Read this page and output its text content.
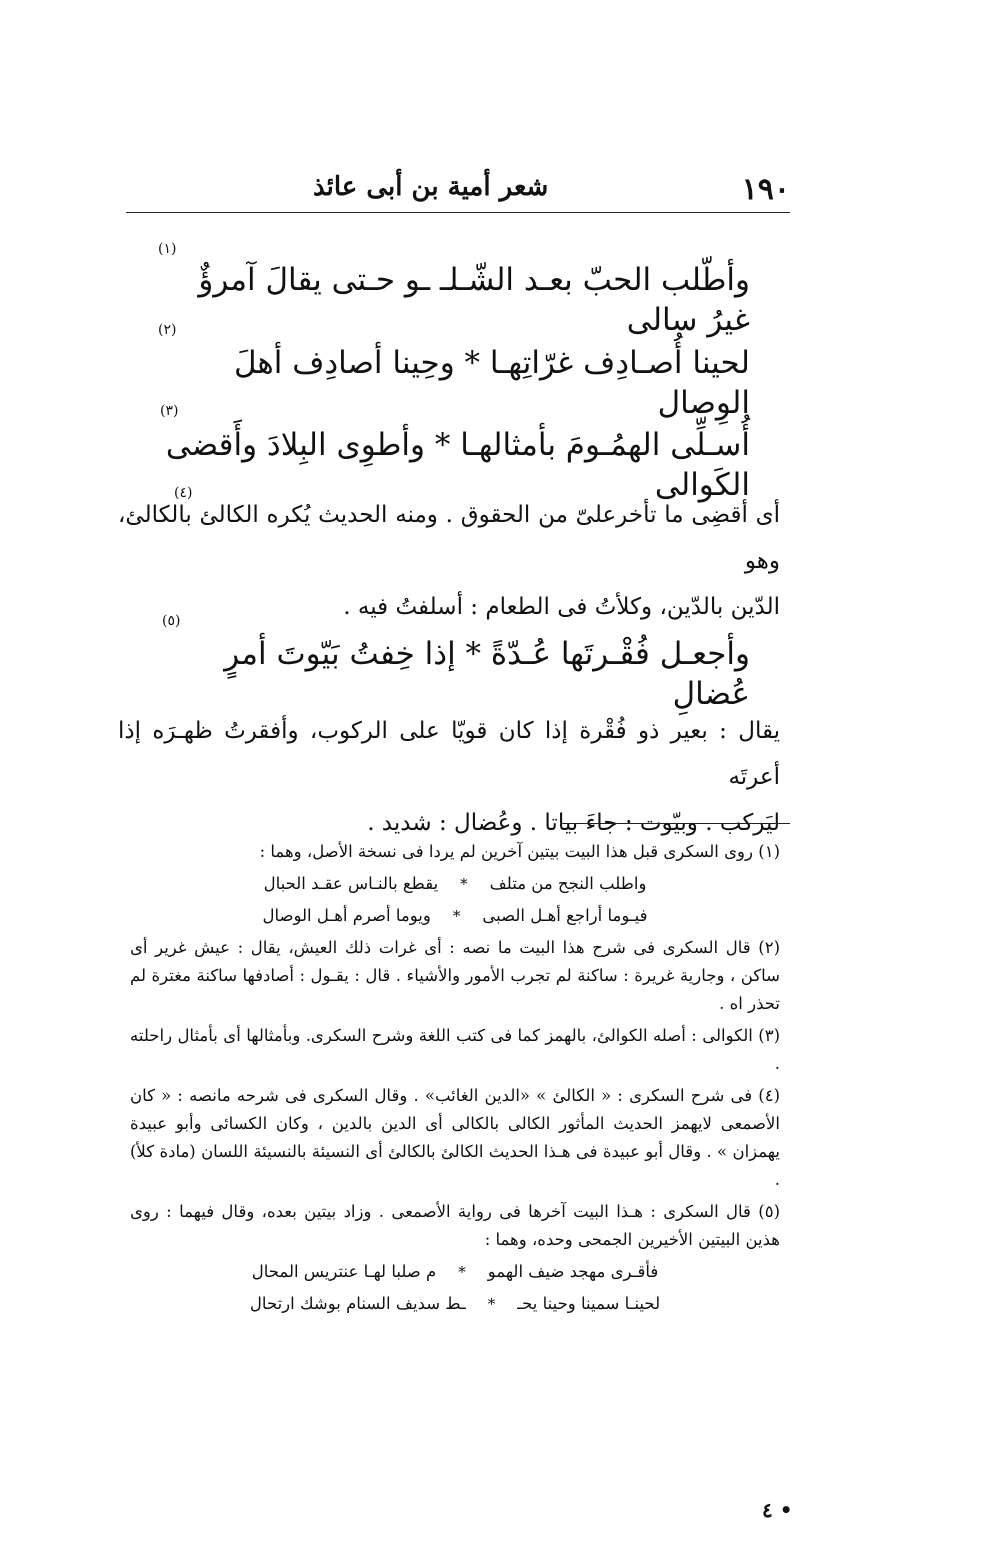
١٩٠
شعر أمية بن أبى عائذ
(١)
وأطّلب الحبّ بعـد الشّـلـ ـو حـتى يقالَ آمرؤٌ غيرُ سالى
(٢)
لحينا أُصـادِف غرّاتِهـا * وحِينا أصادِف أهلَ الوِصال
(٣)
أُسـلِّى الهمُـومَ بأمثالهـا * وأطوِى البِلادَ وأَقضى الكَوالى
(٤)

أى أقضِى ما تأخرعلىّ من الحقوق . ومنه الحديث يُكره الكالئ بالكالئ، وهو

الدّين بالدّين، وكلأتُ فى الطعام : أسلفتُ فيه .

(٥)
وأجعـل فُقْـرتَها عُـدّةً * إذا خِفتُ بَيّوتَ أمرٍ عُضالِ

يقال : بعير ذو فُقْرة إذا كان قويّا على الركوب، وأفقرتُ ظهـرَه إذا أعرتَه

ليَركب . وبيّوت : جاءَ بياتا . وعُضال : شديد .

(١) روى السكرى قبل هذا البيت بيتين آخرين لم يردا فى نسخة الأصل، وهما :

واطلب النجح من متلف
*
يقطع بالنـاس عقـد الحبال
فيـوما أراجع أهـل الصبى
*
ويوما أصرم أهـل الوصال

(٢) قال السكرى فى شرح هذا البيت ما نصه : أى غرات ذلك العيش، يقال : عيش غرير أى ساكن ، وجارية غريرة : ساكنة لم تجرب الأمور والأشياء . قال : يقـول : أصادفها ساكنة مغترة لم تحذر اه .

(٣) الكوالى : أصله الكوالئ، بالهمز كما فى كتب اللغة وشرح السكرى. وبأمثالها أى بأمثال راحلته .

(٤) فى شرح السكرى : « الكالئ » «الدين الغائب» . وقال السكرى فى شرحه مانصه : « كان الأصمعى لايهمز الحديث المأثور الكالى بالكالى أى الدين بالدين ، وكان الكسائى وأبو عبيدة يهمزان » . وقال أبو عبيدة فى هـذا الحديث الكالئ بالكالئ أى النسيئة بالنسيئة اللسان (مادة كلأ) .

(٥) قال السكرى : هـذا البيت آخرها فى رواية الأصمعى . وزاد بيتين بعده، وقال فيهما : روى هذين البيتين الأخيرين الجمحى وحده، وهما :

فأقـرى مهجد ضيف الهمو
*
م صلبا لهـا عنتريس المحال
لحينـا سمينا وحينا يحـ
*
ـط سديف السنام بوشك ارتحال
٤ •
